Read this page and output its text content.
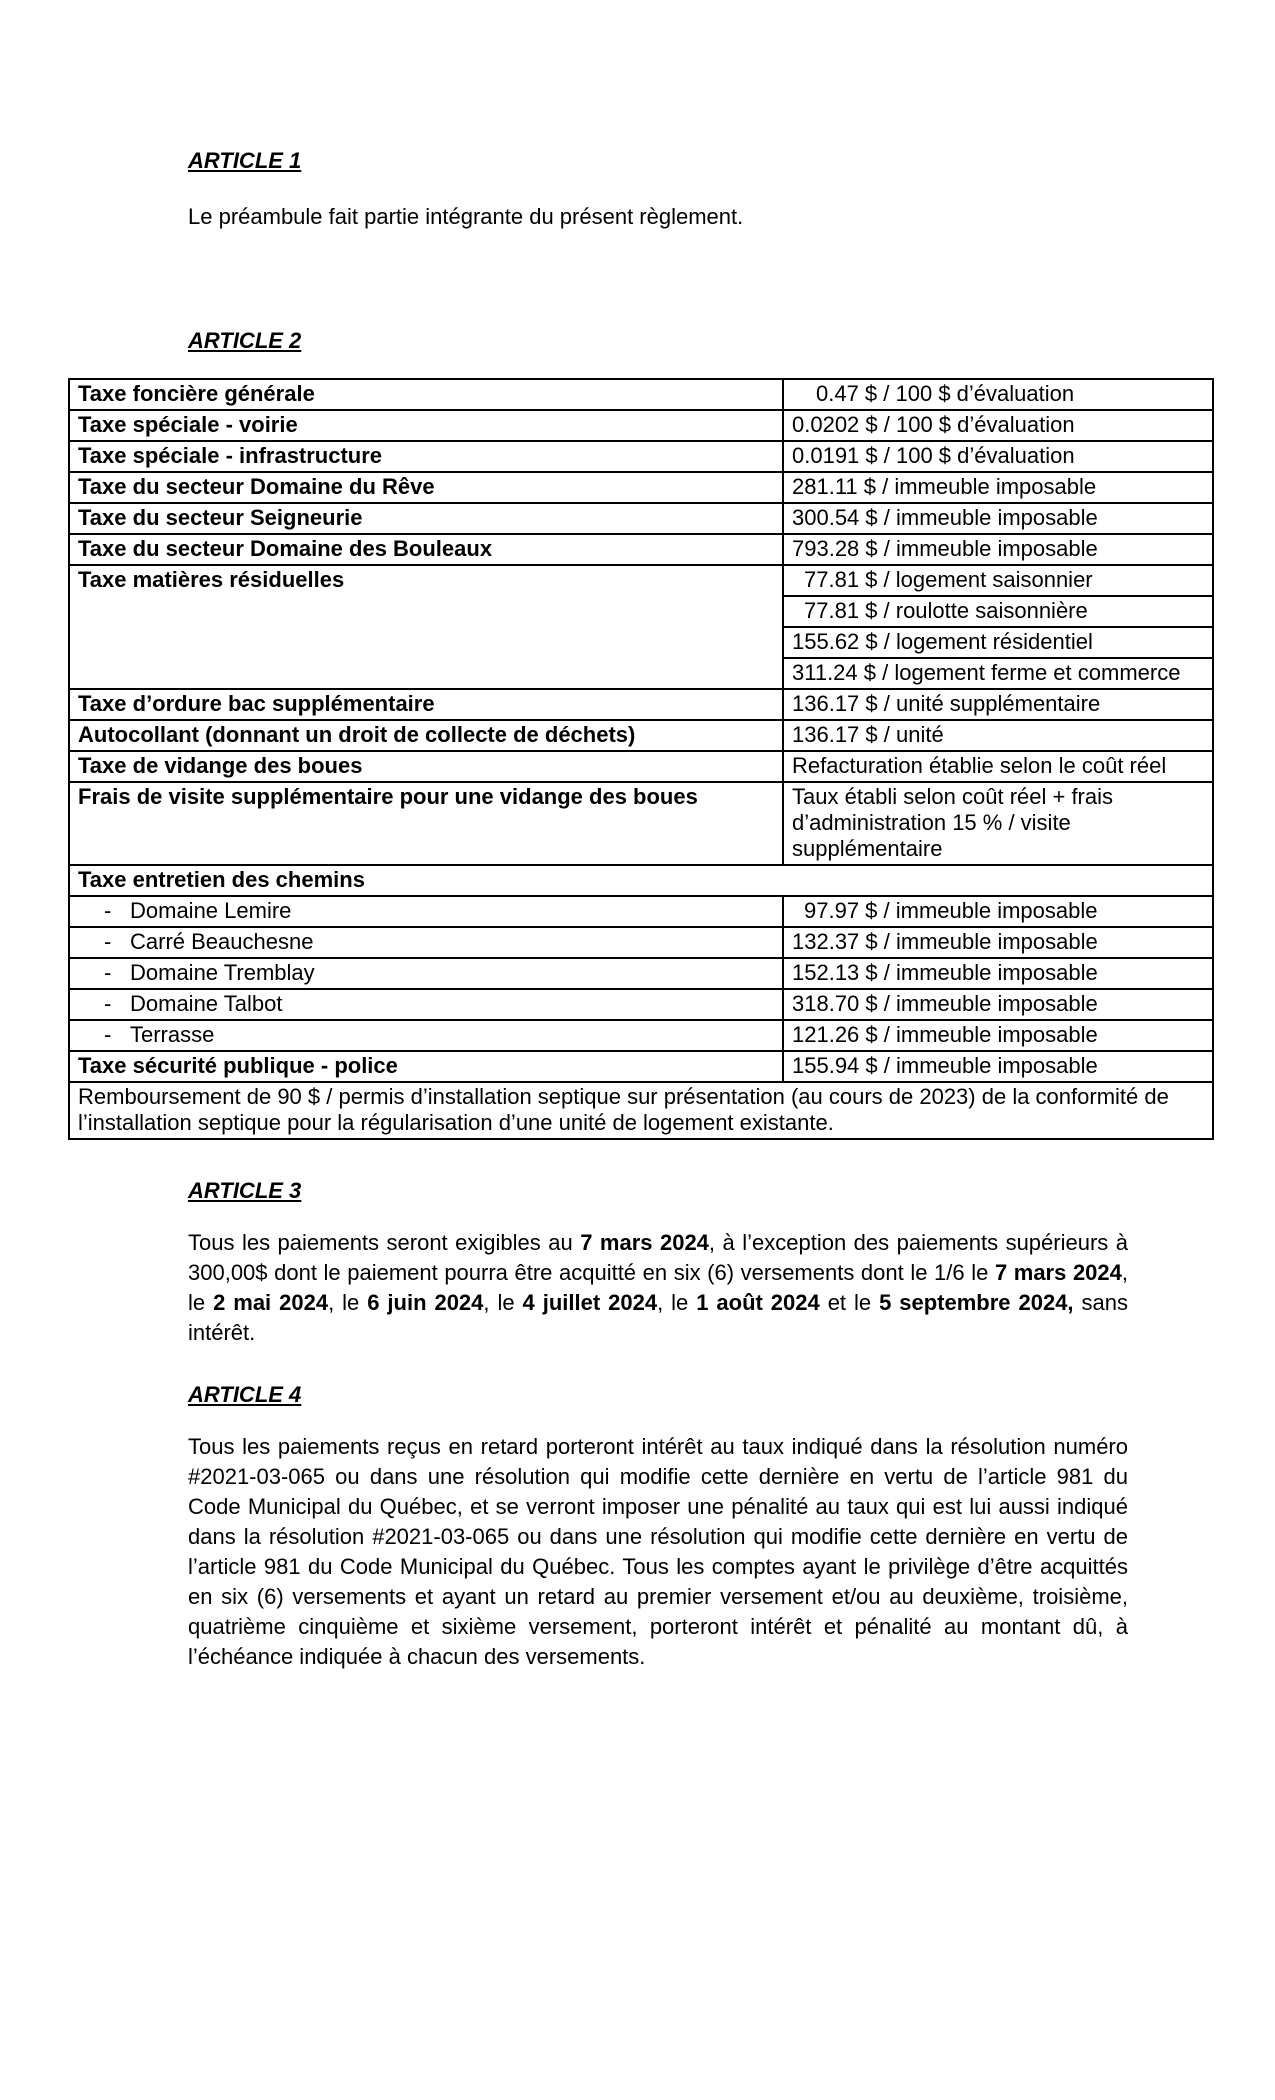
ARTICLE 1

Le préambule fait partie intégrante du présent règlement.

ARTICLE 2
Taxe foncière générale	0.47 $ / 100 $ d’évaluation
Taxe spéciale - voirie	0.0202 $ / 100 $ d’évaluation
Taxe spéciale - infrastructure	0.0191 $ / 100 $ d’évaluation
Taxe du secteur Domaine du Rêve	281.11 $ / immeuble imposable
Taxe du secteur Seigneurie	300.54 $ / immeuble imposable
Taxe du secteur Domaine des Bouleaux	793.28 $ / immeuble imposable
Taxe matières résiduelles	77.81 $ / logement saisonnier
	77.81 $ / roulotte saisonnière
	155.62 $ / logement résidentiel
	311.24 $ / logement ferme et commerce
Taxe d’ordure bac supplémentaire	136.17 $ / unité supplémentaire
Autocollant (donnant un droit de collecte de déchets)	136.17 $ / unité
Taxe de vidange des boues	Refacturation établie selon le coût réel
Frais de visite supplémentaire pour une vidange des boues	Taux établi selon coût réel + frais d’administration 15 % / visite supplémentaire
Taxe entretien des chemins	
- Domaine Lemire	97.97 $ / immeuble imposable
- Carré Beauchesne	132.37 $ / immeuble imposable
- Domaine Tremblay	152.13 $ / immeuble imposable
- Domaine Talbot	318.70 $ / immeuble imposable
- Terrasse	121.26 $ / immeuble imposable
Taxe sécurité publique - police	155.94 $ / immeuble imposable
Remboursement de 90 $ / permis d’installation septique sur présentation (au cours de 2023) de la conformité de l’installation septique pour la régularisation d’une unité de logement existante.	
ARTICLE 3

Tous les paiements seront exigibles au 7 mars 2024, à l’exception des paiements supérieurs à 300,00$ dont le paiement pourra être acquitté en six (6) versements dont le 1/6 le 7 mars 2024, le 2 mai 2024, le 6 juin 2024, le 4 juillet 2024, le 1 août 2024 et le 5 septembre 2024, sans intérêt.

ARTICLE 4

Tous les paiements reçus en retard porteront intérêt au taux indiqué dans la résolution numéro #2021-03-065 ou dans une résolution qui modifie cette dernière en vertu de l’article 981 du Code Municipal du Québec, et se verront imposer une pénalité au taux qui est lui aussi indiqué dans la résolution #2021-03-065 ou dans une résolution qui modifie cette dernière en vertu de l’article 981 du Code Municipal du Québec. Tous les comptes ayant le privilège d’être acquittés en six (6) versements et ayant un retard au premier versement et/ou au deuxième, troisième, quatrième cinquième et sixième versement, porteront intérêt et pénalité au montant dû, à l’échéance indiquée à chacun des versements.
